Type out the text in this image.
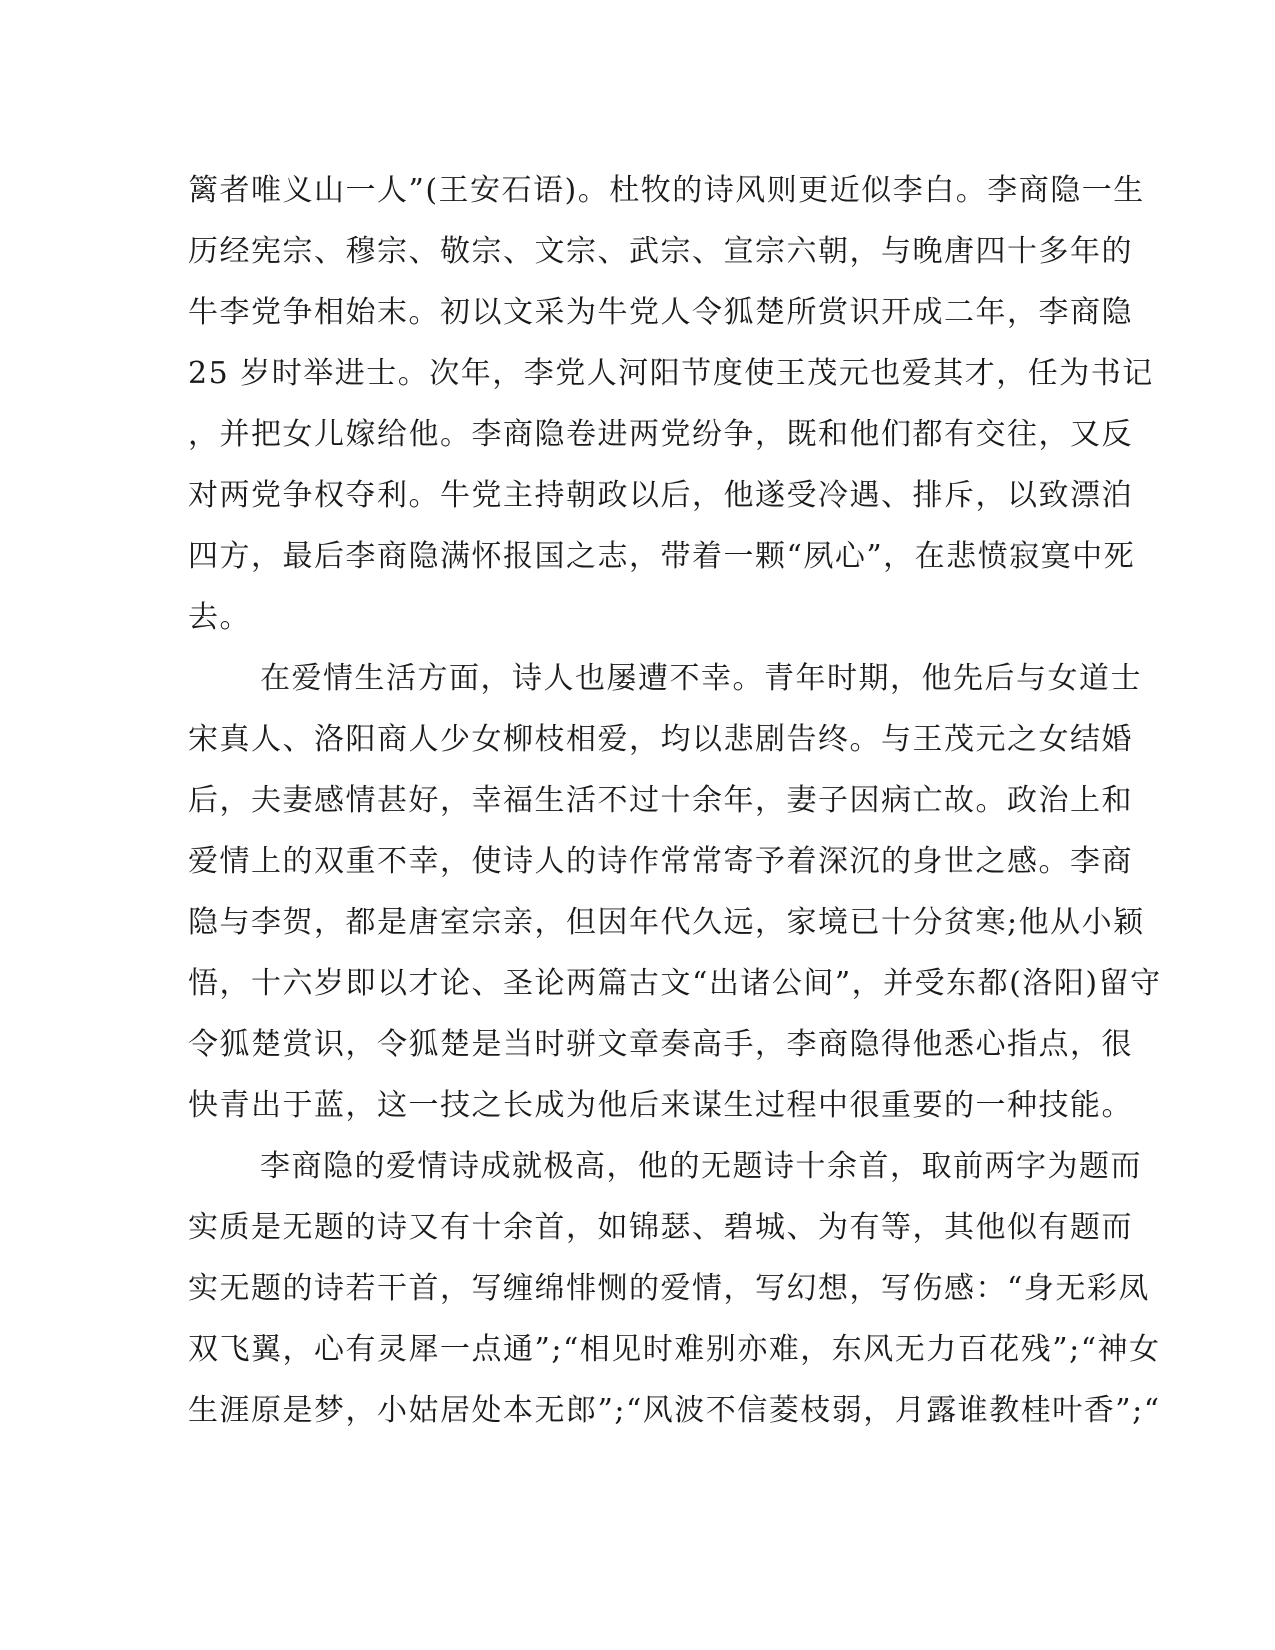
篱者唯义山一人”(王安石语)。杜牧的诗风则更近似李白。李商隐一生
历经宪宗、穆宗、敬宗、文宗、武宗、宣宗六朝，与晚唐四十多年的
牛李党争相始末。初以文采为牛党人令狐楚所赏识开成二年，李商隐
25 岁时举进士。次年，李党人河阳节度使王茂元也爱其才，任为书记
，并把女儿嫁给他。李商隐卷进两党纷争，既和他们都有交往，又反
对两党争权夺利。牛党主持朝政以后，他遂受冷遇、排斥，以致漂泊
四方，最后李商隐满怀报国之志，带着一颗“夙心”，在悲愤寂寞中死
去。
在爱情生活方面，诗人也屡遭不幸。青年时期，他先后与女道士
宋真人、洛阳商人少女柳枝相爱，均以悲剧告终。与王茂元之女结婚
后，夫妻感情甚好，幸福生活不过十余年，妻子因病亡故。政治上和
爱情上的双重不幸，使诗人的诗作常常寄予着深沉的身世之感。李商
隐与李贺，都是唐室宗亲，但因年代久远，家境已十分贫寒;他从小颖
悟，十六岁即以才论、圣论两篇古文“出诸公间”，并受东都(洛阳)留守
令狐楚赏识，令狐楚是当时骈文章奏高手，李商隐得他悉心指点，很
快青出于蓝，这一技之长成为他后来谋生过程中很重要的一种技能。
李商隐的爱情诗成就极高，他的无题诗十余首，取前两字为题而
实质是无题的诗又有十余首，如锦瑟、碧城、为有等，其他似有题而
实无题的诗若干首，写缠绵悱恻的爱情，写幻想，写伤感：“身无彩凤
双飞翼，心有灵犀一点通”;“相见时难别亦难，东风无力百花残”;“神女
生涯原是梦，小姑居处本无郎”;“风波不信菱枝弱，月露谁教桂叶香”;“
